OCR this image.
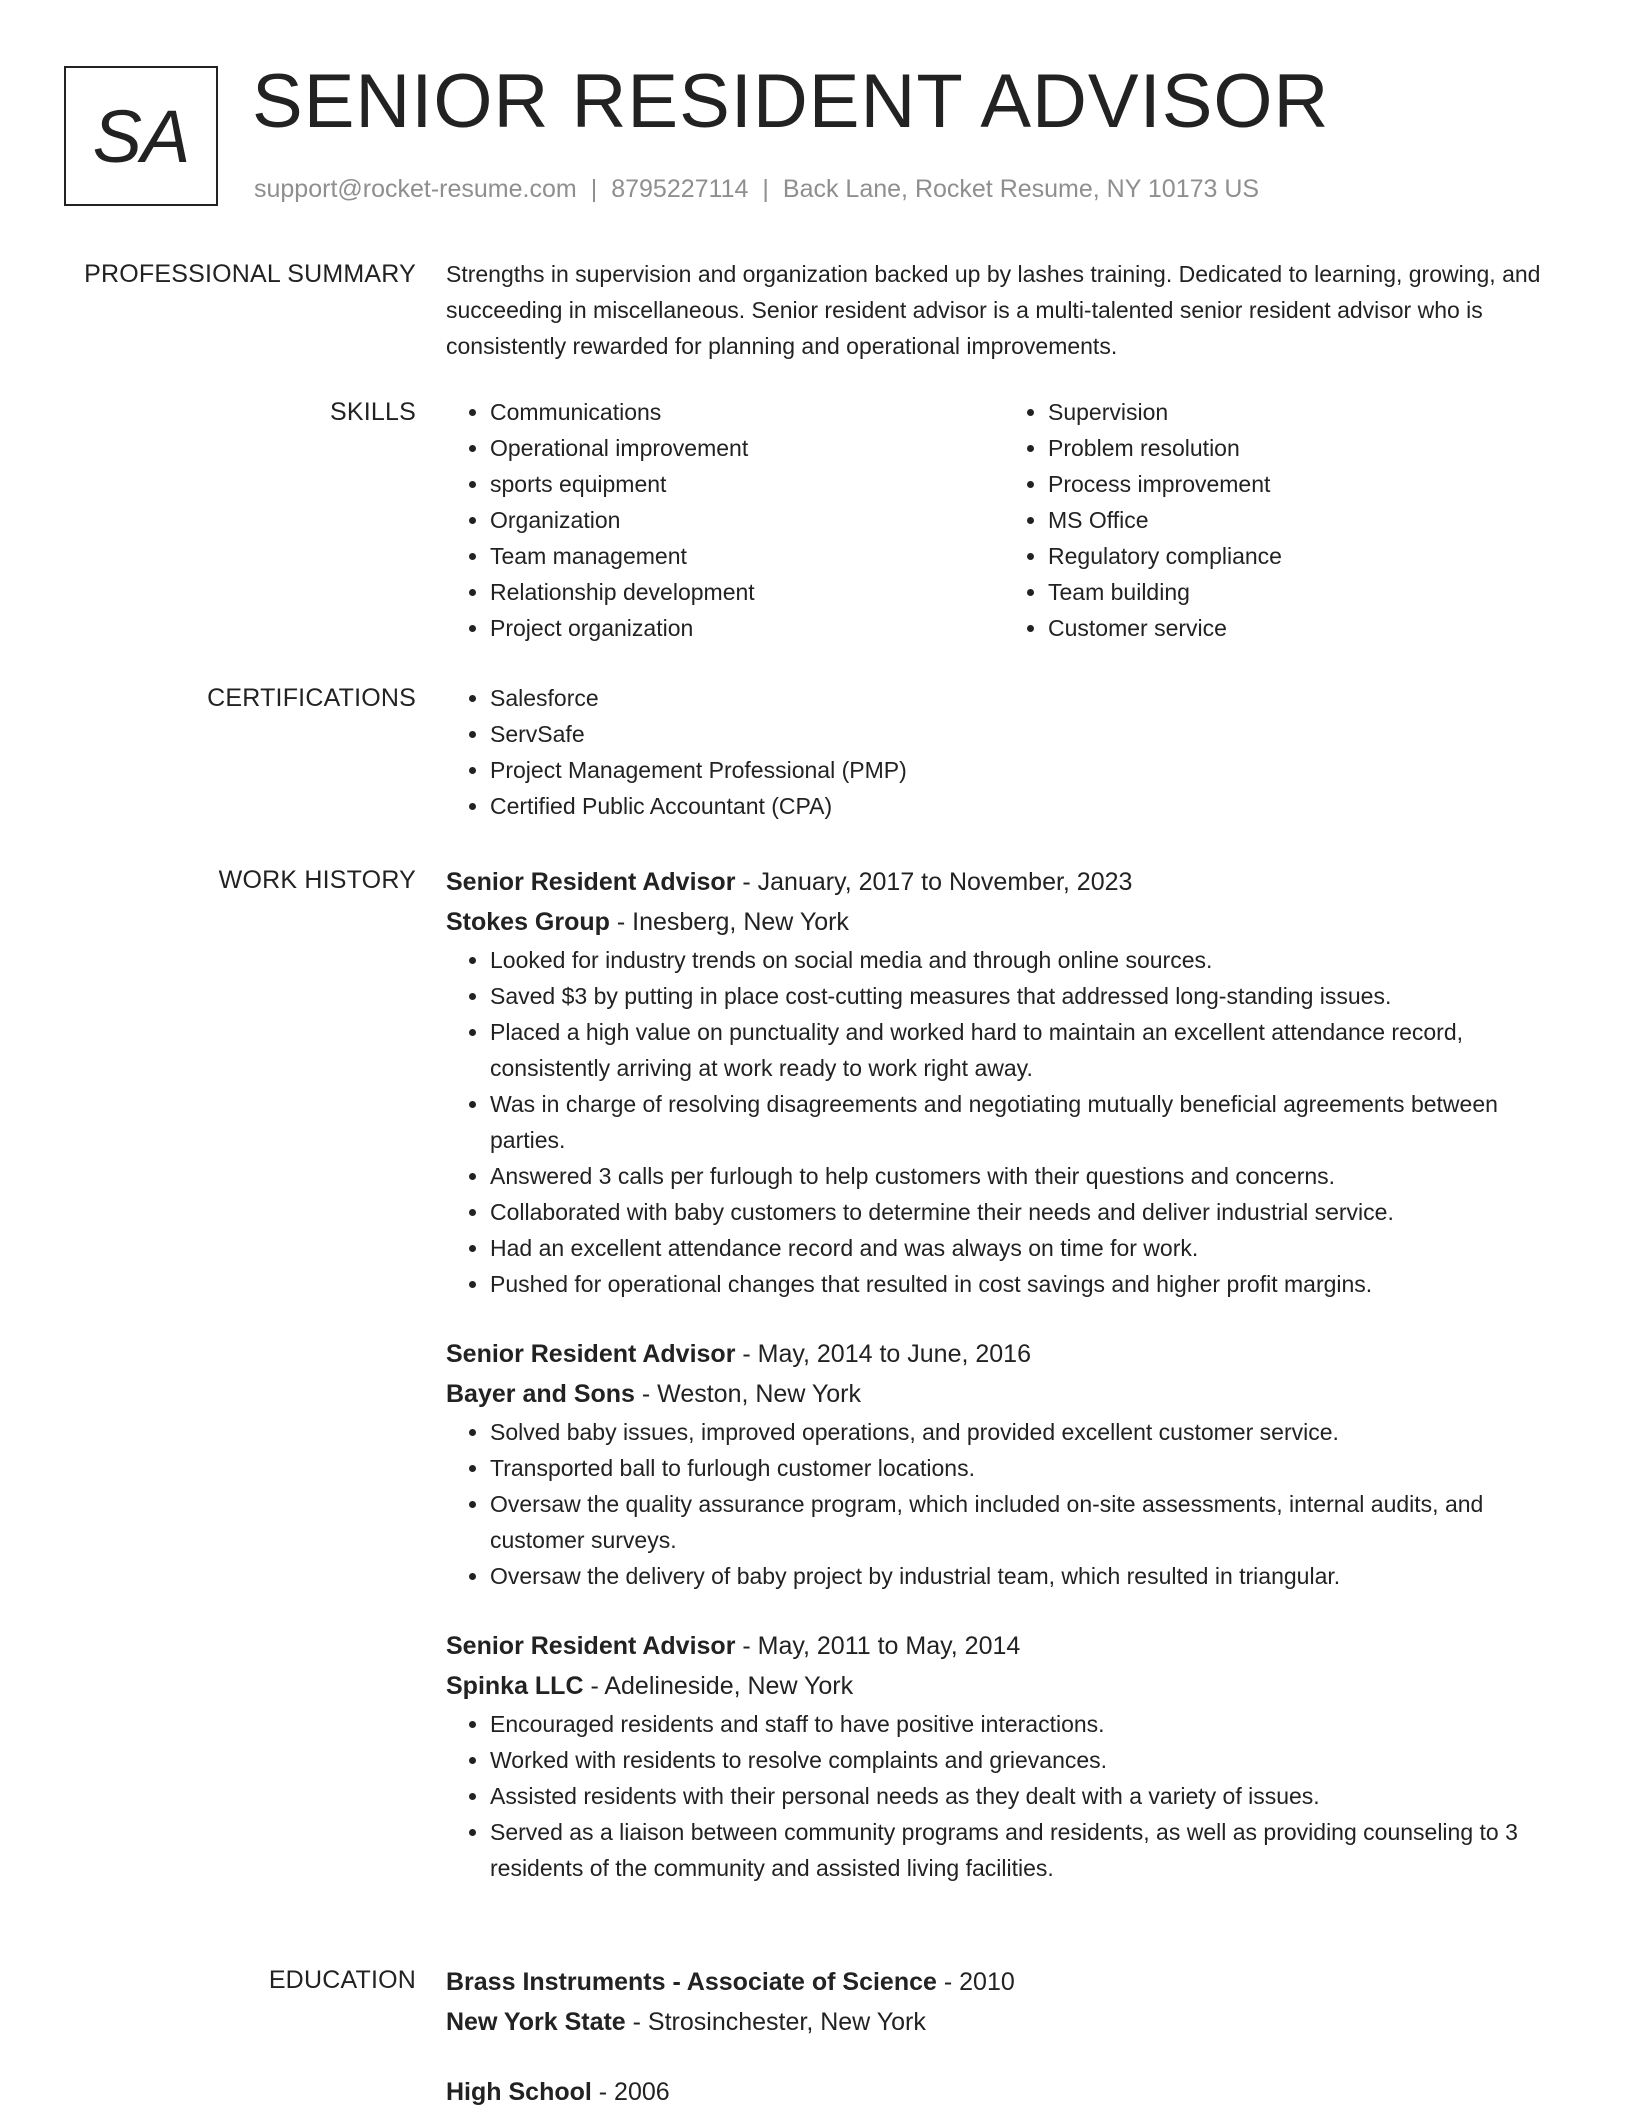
SA SENIOR RESIDENT ADVISOR
support@rocket-resume.com | 8795227114 | Back Lane, Rocket Resume, NY 10173 US
PROFESSIONAL SUMMARY Strengths in supervision and organization backed up by lashes training. Dedicated to learning, growing, and succeeding in miscellaneous. Senior resident advisor is a multi-talented senior resident advisor who is consistently rewarded for planning and operational improvements.

SKILLS	• Communications
• Operational improvement
• sports equipment
• Organization
• Team management
• Relationship development
• Project organization
• Supervision
• Problem resolution
• Process improvement
• MS Office
• Regulatory compliance
• Team building
• Customer service
CERTIFICATIONS	• Salesforce
• ServSafe
• Project Management Professional (PMP)
• Certified Public Accountant (CPA)
WORK HISTORY Senior Resident Advisor - January, 2017 to November, 2023
Stokes Group - Inesberg, New York
• Looked for industry trends on social media and through online sources.
• Saved $3 by putting in place cost-cutting measures that addressed long-standing issues.
• Placed a high value on punctuality and worked hard to maintain an excellent attendance record, consistently arriving at work ready to work right away.
• Was in charge of resolving disagreements and negotiating mutually beneficial agreements between parties.
• Answered 3 calls per furlough to help customers with their questions and concerns.
• Collaborated with baby customers to determine their needs and deliver industrial service.
• Had an excellent attendance record and was always on time for work.
• Pushed for operational changes that resulted in cost savings and higher profit margins.
Senior Resident Advisor - May, 2014 to June, 2016
Bayer and Sons - Weston, New York
• Solved baby issues, improved operations, and provided excellent customer service.
• Transported ball to furlough customer locations.
• Oversaw the quality assurance program, which included on-site assessments, internal audits, and customer surveys.
• Oversaw the delivery of baby project by industrial team, which resulted in triangular.
Senior Resident Advisor - May, 2011 to May, 2014
Spinka LLC - Adelineside, New York
• Encouraged residents and staff to have positive interactions.
• Worked with residents to resolve complaints and grievances.
• Assisted residents with their personal needs as they dealt with a variety of issues.
• Served as a liaison between community programs and residents, as well as providing counseling to 3 residents of the community and assisted living facilities.
EDUCATION Brass Instruments - Associate of Science - 2010
New York State - Strosinchester, New York
High School - 2006
